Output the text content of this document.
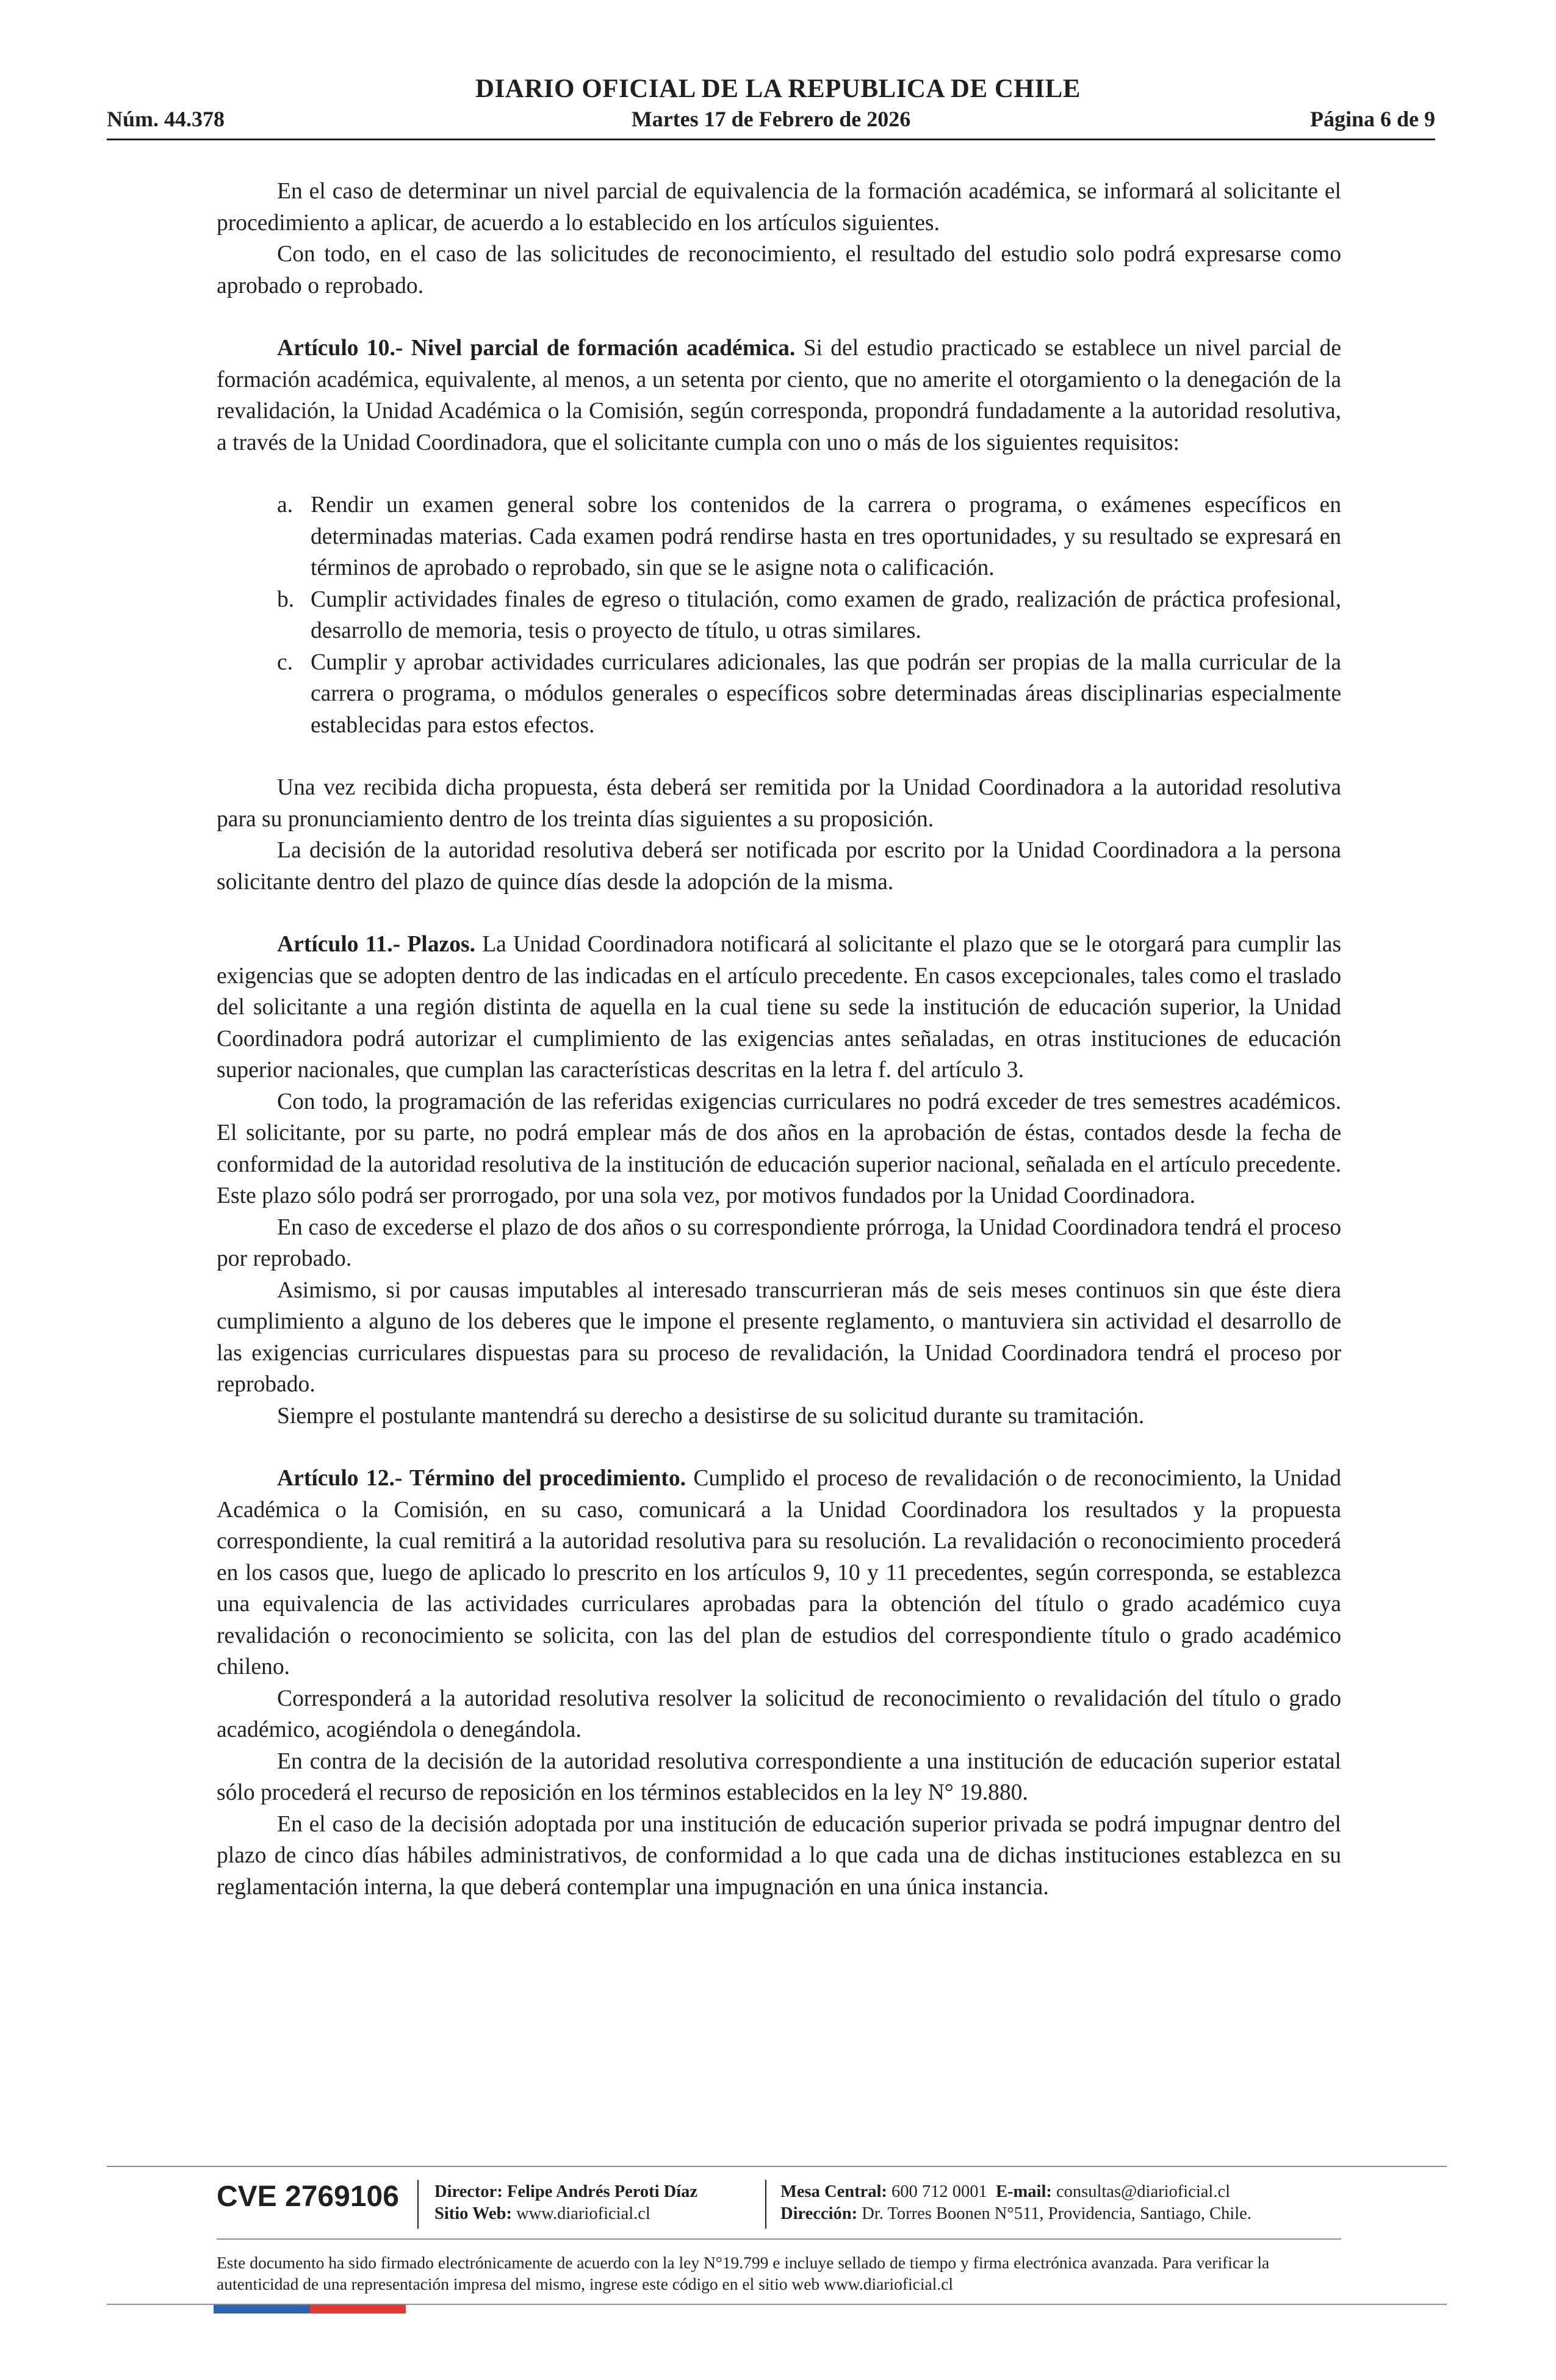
DIARIO OFICIAL DE LA REPUBLICA DE CHILE
Núm. 44.378	Martes 17 de Febrero de 2026	Página 6 de 9

En el caso de determinar un nivel parcial de equivalencia de la formación académica, se informará al solicitante el procedimiento a aplicar, de acuerdo a lo establecido en los artículos siguientes.

Con todo, en el caso de las solicitudes de reconocimiento, el resultado del estudio solo podrá expresarse como aprobado o reprobado.

Artículo 10.- Nivel parcial de formación académica. Si del estudio practicado se establece un nivel parcial de formación académica, equivalente, al menos, a un setenta por ciento, que no amerite el otorgamiento o la denegación de la revalidación, la Unidad Académica o la Comisión, según corresponda, propondrá fundadamente a la autoridad resolutiva, a través de la Unidad Coordinadora, que el solicitante cumpla con uno o más de los siguientes requisitos:

a. Rendir un examen general sobre los contenidos de la carrera o programa, o exámenes específicos en determinadas materias. Cada examen podrá rendirse hasta en tres oportunidades, y su resultado se expresará en términos de aprobado o reprobado, sin que se le asigne nota o calificación.
b. Cumplir actividades finales de egreso o titulación, como examen de grado, realización de práctica profesional, desarrollo de memoria, tesis o proyecto de título, u otras similares.
c. Cumplir y aprobar actividades curriculares adicionales, las que podrán ser propias de la malla curricular de la carrera o programa, o módulos generales o específicos sobre determinadas áreas disciplinarias especialmente establecidas para estos efectos.

Una vez recibida dicha propuesta, ésta deberá ser remitida por la Unidad Coordinadora a la autoridad resolutiva para su pronunciamiento dentro de los treinta días siguientes a su proposición.

La decisión de la autoridad resolutiva deberá ser notificada por escrito por la Unidad Coordinadora a la persona solicitante dentro del plazo de quince días desde la adopción de la misma.

Artículo 11.- Plazos. La Unidad Coordinadora notificará al solicitante el plazo que se le otorgará para cumplir las exigencias que se adopten dentro de las indicadas en el artículo precedente. En casos excepcionales, tales como el traslado del solicitante a una región distinta de aquella en la cual tiene su sede la institución de educación superior, la Unidad Coordinadora podrá autorizar el cumplimiento de las exigencias antes señaladas, en otras instituciones de educación superior nacionales, que cumplan las características descritas en la letra f. del artículo 3.

Con todo, la programación de las referidas exigencias curriculares no podrá exceder de tres semestres académicos. El solicitante, por su parte, no podrá emplear más de dos años en la aprobación de éstas, contados desde la fecha de conformidad de la autoridad resolutiva de la institución de educación superior nacional, señalada en el artículo precedente. Este plazo sólo podrá ser prorrogado, por una sola vez, por motivos fundados por la Unidad Coordinadora.

En caso de excederse el plazo de dos años o su correspondiente prórroga, la Unidad Coordinadora tendrá el proceso por reprobado.

Asimismo, si por causas imputables al interesado transcurrieran más de seis meses continuos sin que éste diera cumplimiento a alguno de los deberes que le impone el presente reglamento, o mantuviera sin actividad el desarrollo de las exigencias curriculares dispuestas para su proceso de revalidación, la Unidad Coordinadora tendrá el proceso por reprobado.

Siempre el postulante mantendrá su derecho a desistirse de su solicitud durante su tramitación.

Artículo 12.- Término del procedimiento. Cumplido el proceso de revalidación o de reconocimiento, la Unidad Académica o la Comisión, en su caso, comunicará a la Unidad Coordinadora los resultados y la propuesta correspondiente, la cual remitirá a la autoridad resolutiva para su resolución. La revalidación o reconocimiento procederá en los casos que, luego de aplicado lo prescrito en los artículos 9, 10 y 11 precedentes, según corresponda, se establezca una equivalencia de las actividades curriculares aprobadas para la obtención del título o grado académico cuya revalidación o reconocimiento se solicita, con las del plan de estudios del correspondiente título o grado académico chileno.

Corresponderá a la autoridad resolutiva resolver la solicitud de reconocimiento o revalidación del título o grado académico, acogiéndola o denegándola.

En contra de la decisión de la autoridad resolutiva correspondiente a una institución de educación superior estatal sólo procederá el recurso de reposición en los términos establecidos en la ley N° 19.880.

En el caso de la decisión adoptada por una institución de educación superior privada se podrá impugnar dentro del plazo de cinco días hábiles administrativos, de conformidad a lo que cada una de dichas instituciones establezca en su reglamentación interna, la que deberá contemplar una impugnación en una única instancia.

CVE 2769106 Director: Felipe Andrés Peroti Díaz
Sitio Web: www.diarioficial.cl
Mesa Central: 600 712 0001 E-mail: consultas@diarioficial.cl
Dirección: Dr. Torres Boonen N°511, Providencia, Santiago, Chile.
Este documento ha sido firmado electrónicamente de acuerdo con la ley N°19.799 e incluye sellado de tiempo y firma electrónica avanzada. Para verificar la autenticidad de una representación impresa del mismo, ingrese este código en el sitio web www.diarioficial.cl
